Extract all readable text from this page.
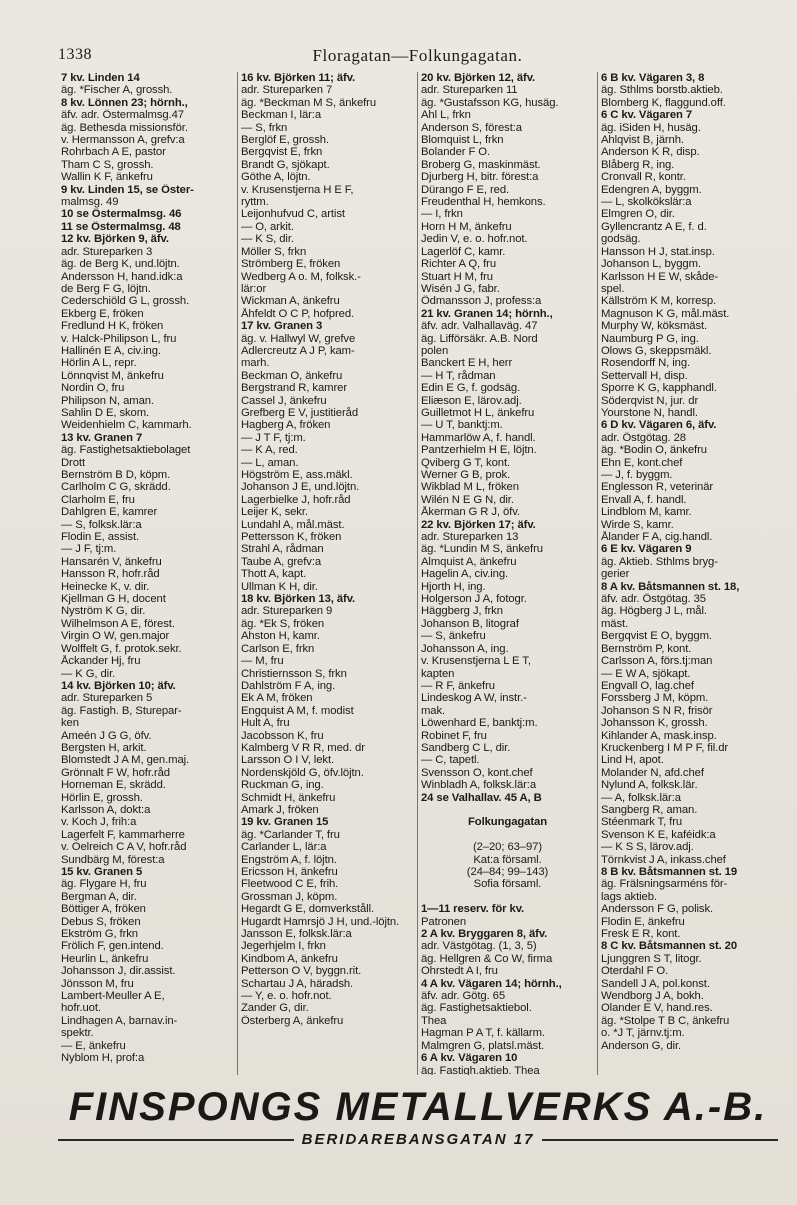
1338	Floragatan—Folkungagatan.
7 kv. Linden 14
äg. *Fischer A, grossh.
8 kv. Lönnen 23; hörnh.,
äfv. adr. Östermalmsg.47
äg. Bethesda missionsför.
v. Hermansson A, grefv:a
Rohrbach A E, pastor
Tham C S, grossh.
Wallin K F, änkefru
9 kv. Linden 15, se Öster-
malmsg. 49
10 se Östermalmsg. 46
11 se Östermalmsg. 48
12 kv. Björken 9, äfv.
adr. Stureparken 3
äg. de Berg K, und.löjtn.
Andersson H, hand.idk:a
de Berg F G, löjtn.
Cederschiöld G L, grossh.
Ekberg E, fröken
Fredlund H K, fröken
v. Halck-Philipson L, fru
Hallinén E A, civ.ing.
Hörlin A L, repr.
Lönnqvist M, änkefru
Nordin O, fru
Philipson N, aman.
Sahlin D E, skom.
Weidenhielm C, kammarh.
13 kv. Granen 7
äg. Fastighetsaktiebolaget
Drott
Bernström B D, köpm.
Carlholm C G, skrädd.
Clarholm E, fru
Dahlgren E, kamrer
— S, folksk.lär:a
Flodin E, assist.
— J F, tj:m.
Hansarén V, änkefru
Hansson R, hofr.råd
Heinecke K, v. dir.
Kjellman G H, docent
Nyström K G, dir.
Wilhelmson A E, förest.
Virgin O W, gen.major
Wolffelt G, f. protok.sekr.
Åckander Hj, fru
— K G, dir.
14 kv. Björken 10; äfv.
adr. Stureparken 5
äg. Fastigh. B, Sturepar-
ken
Ameén J G G, öfv.
Bergsten H, arkit.
Blomstedt J A M, gen.maj.
Grönnalt F W, hofr.råd
Horneman E, skrädd.
Hörlin E, grossh.
Karlsson A, dokt:a
v. Koch J, frih:a
Lagerfelt F, kammarherre
v. Oelreich C A V, hofr.råd
Sundbärg M, förest:a
15 kv. Granen 5
äg. Flygare H, fru
Bergman A, dir.
Böttiger A, fröken
Debus S, fröken
Ekström G, frkn
Frölich F, gen.intend.
Heurlin L, änkefru
Johansson J, dir.assist.
Jönsson M, fru
Lambert-Meuller A E,
hofr.uot.
Lindhagen A, barnav.in-
spektr.
— E, änkefru
Nyblom H, prof:a
16 kv. Björken 11; äfv.
adr. Stureparken 7
äg. *Beckman M S, änkefru
Beckman I, lär:a
— S, frkn
Berglöf E, grossh.
Bergqvist E, frkn
Brandt G, sjökapt.
Göthe A, löjtn.
v. Krusenstjerna H E F,
ryttm.
Leijonhufvud C, artist
— O, arkit.
— K S, dir.
Möller S, frkn
Strömberg E, fröken
Wedberg A o. M, folksk.-
lär:or
Wickman A, änkefru
Åhfeldt O C P, hofpred.
17 kv. Granen 3
äg. v. Hallwyl W, grefve
Adlercreutz A J P, kam-
marh.
Beckman O, änkefru
Bergstrand R, kamrer
Cassel J, änkefru
Grefberg E V, justitieråd
Hagberg A, fröken
— J T F, tj:m.
— K A, red.
— L, aman.
Högström E, ass.mäkl.
Johanson J E, und.löjtn.
Lagerbielke J, hofr.råd
Leijer K, sekr.
Lundahl A, mål.mäst.
Pettersson K, fröken
Strahl A, rådman
Taube A, grefv:a
Thott A, kapt.
Ullman K H, dir.
18 kv. Björken 13, äfv.
adr. Stureparken 9
äg. *Ek S, fröken
Ahston H, kamr.
Carlson E, frkn
— M, fru
Christiernsson S, frkn
Dahlström F A, ing.
Ek A M, fröken
Engquist A M, f. modist
Hult A, fru
Jacobsson K, fru
Kalmberg V R R, med. dr
Larsson O I V, lekt.
Nordenskjöld G, öfv.löjtn.
Ruckman G, ing.
Schmidt H, änkefru
Amark J, fröken
19 kv. Granen 15
äg. *Carlander T, fru
Carlander L, lär:a
Engström A, f. löjtn.
Ericsson H, änkefru
Fleetwood C E, frih.
Grossman J, köpm.
Hegardt G E, domverkståll.
Hugardt Hamrsjö J H, und.-löjtn.
Jansson E, folksk.lär:a
Jegerhjelm I, frkn
Kindbom A, änkefru
Petterson O V, byggn.rit.
Schartau J A, häradsh.
— Y, e. o. hofr.not.
Zander G, dir.
Österberg A, änkefru
20 kv. Björken 12, äfv.
adr. Stureparken 11
äg. *Gustafsson KG, husäg.
Ahl L, frkn
Anderson S, förest:a
Blomquist L, frkn
Bolander F O.
Broberg G, maskinmäst.
Djurberg H, bitr. förest:a
Dürango F E, red.
Freudenthal H, hemkons.
— I, frkn
Horn H M, änkefru
Jedin V, e. o. hofr.not.
Lagerlöf C, kamr.
Richter A Q, fru
Stuart H M, fru
Wisén J G, fabr.
Ödmansson J, profess:a
21 kv. Granen 14; hörnh.,
äfv. adr. Valhallaväg. 47
äg. Lifförsäkr. A.B. Nord
polen
Banckert E H, herr
— H T, rådman
Edin E G, f. godsäg.
Eliæson E, lärov.adj.
Guilletmot H L, änkefru
— U T, banktj:m.
Hammarlöw A, f. handl.
Pantzerhielm H E, löjtn.
Qviberg G T, kont.
Werner G B, prok.
Wikblad M L, fröken
Wilén N E G N, dir.
Åkerman G R J, öfv.
22 kv. Björken 17; äfv.
adr. Stureparken 13
äg. *Lundin M S, änkefru
Almquist A, änkefru
Hagelin A, civ.ing.
Hjorth H, ing.
Holgerson J A, fotogr.
Häggberg J, frkn
Johanson B, litograf
— S, änkefru
Johansson A, ing.
v. Krusenstjerna L E T,
kapten
— R F, änkefru
Lindeskog A W, instr.-
mak.
Löwenhard E, banktj:m.
Robinet F, fru
Sandberg C L, dir.
— C, tapetl.
Svensson O, kont.chef
Winbladh A, folksk.lär:a
24 se Valhallav. 45 A, B

Folkungagatan

(2–20; 63–97)
Kat:a församl.
(24–84; 99–143)
Sofia församl.

1—11 reserv. för kv.
Patronen
2 A kv. Bryggaren 8, äfv.
adr. Västgötag. (1, 3, 5)
äg. Hellgren & Co W, firma
Ohrstedt A I, fru
4 A kv. Vägaren 14; hörnh.,
äfv. adr. Götg. 65
äg. Fastighetsaktiebol.
Thea
Hagman P A T, f. källarm.
Malmgren G, platsl.mäst.
6 A kv. Vägaren 10
äg. Fastigh.aktieb. Thea
6 B kv. Vägaren 3, 8
äg. Sthlms borstb.aktieb.
Blomberg K, flaggund.off.
6 C kv. Vägaren 7
äg. iSiden H, husäg.
Ahlqvist B, järnh.
Anderson K R, disp.
Blåberg R, ing.
Cronvall R, kontr.
Edengren A, byggm.
— L, skolkökslär:a
Elmgren O, dir.
Gyllencrantz A E, f. d.
godsäg.
Hansson H J, stat.insp.
Johanson L, byggm.
Karlsson H E W, skåde-
spel.
Källström K M, korresp.
Magnuson K G, mål.mäst.
Murphy W, köksmäst.
Naumburg P G, ing.
Olows G, skeppsmäkl.
Rosendorff N, ing.
Settervall H, disp.
Sporre K G, kapphandl.
Söderqvist N, jur. dr
Yourstone N, handl.
6 D kv. Vägaren 6, äfv.
adr. Östgötag. 28
äg. *Bodin O, änkefru
Ehn E, kont.chef
— J, f. byggm.
Englesson R, veterinär
Envall A, f. handl.
Lindblom M, kamr.
Wirde S, kamr.
Ålander F A, cig.handl.
6 E kv. Vägaren 9
äg. Aktieb. Sthlms bryg-
gerier
8 A kv. Båtsmannen st. 18,
äfv. adr. Östgötag. 35
äg. Högberg J L, mål.
mäst.
Bergqvist E O, byggm.
Bernström P, kont.
Carlsson A, förs.tj:man
— E W A, sjökapt.
Engvall O, lag.chef
Forssberg J M, köpm.
Johanson S N R, frisör
Johansson K, grossh.
Kihlander A, mask.insp.
Kruckenberg I M P F, fil.dr
Lind H, apot.
Molander N, afd.chef
Nylund A, folksk.lär.
— A, folksk.lär:a
Sangberg R, aman.
Stéenmark T, fru
Svenson K E, kaféidk:a
— K S S, lärov.adj.
Törnkvist J A, inkass.chef
8 B kv. Båtsmannen st. 19
äg. Frälsningsarméns för-
lags aktieb.
Andersson F G, polisk.
Flodin E, änkefru
Fresk E R, kont.
8 C kv. Båtsmannen st. 20
Ljunggren S T, litogr.
Oterdahl F O.
Sandell J A, pol.konst.
Wendborg J A, bokh.
Olander E V, hand.res.
äg. *Stolpe T B C, änkefru
o. *J T, järnv.tj:m.
Anderson G, dir.
FINSPONGS METALLVERKS A.-B.
BERIDAREBANSGATAN 17
